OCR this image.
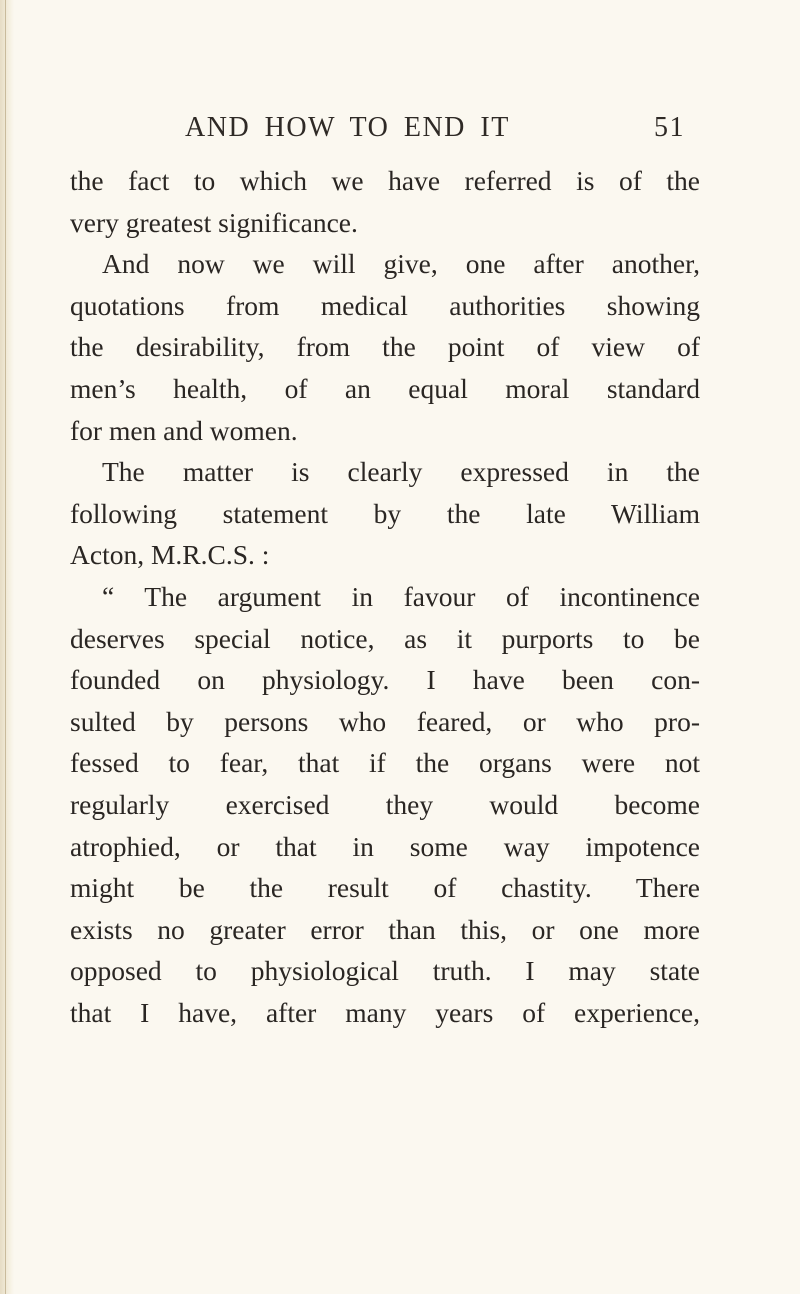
AND HOW TO END IT	51
the fact to which we have referred is of the
very greatest significance.
And now we will give, one after another,
quotations from medical authorities showing
the desirability, from the point of view of
men’s health, of an equal moral standard
for men and women.
The matter is clearly expressed in the
following statement by the late William
Acton, M.R.C.S. :
“ The argument in favour of incontinence
deserves special notice, as it purports to be
founded on physiology. I have been con-
sulted by persons who feared, or who pro-
fessed to fear, that if the organs were not
regularly exercised they would become
atrophied, or that in some way impotence
might be the result of chastity. There
exists no greater error than this, or one more
opposed to physiological truth. I may state
that I have, after many years of experience,
